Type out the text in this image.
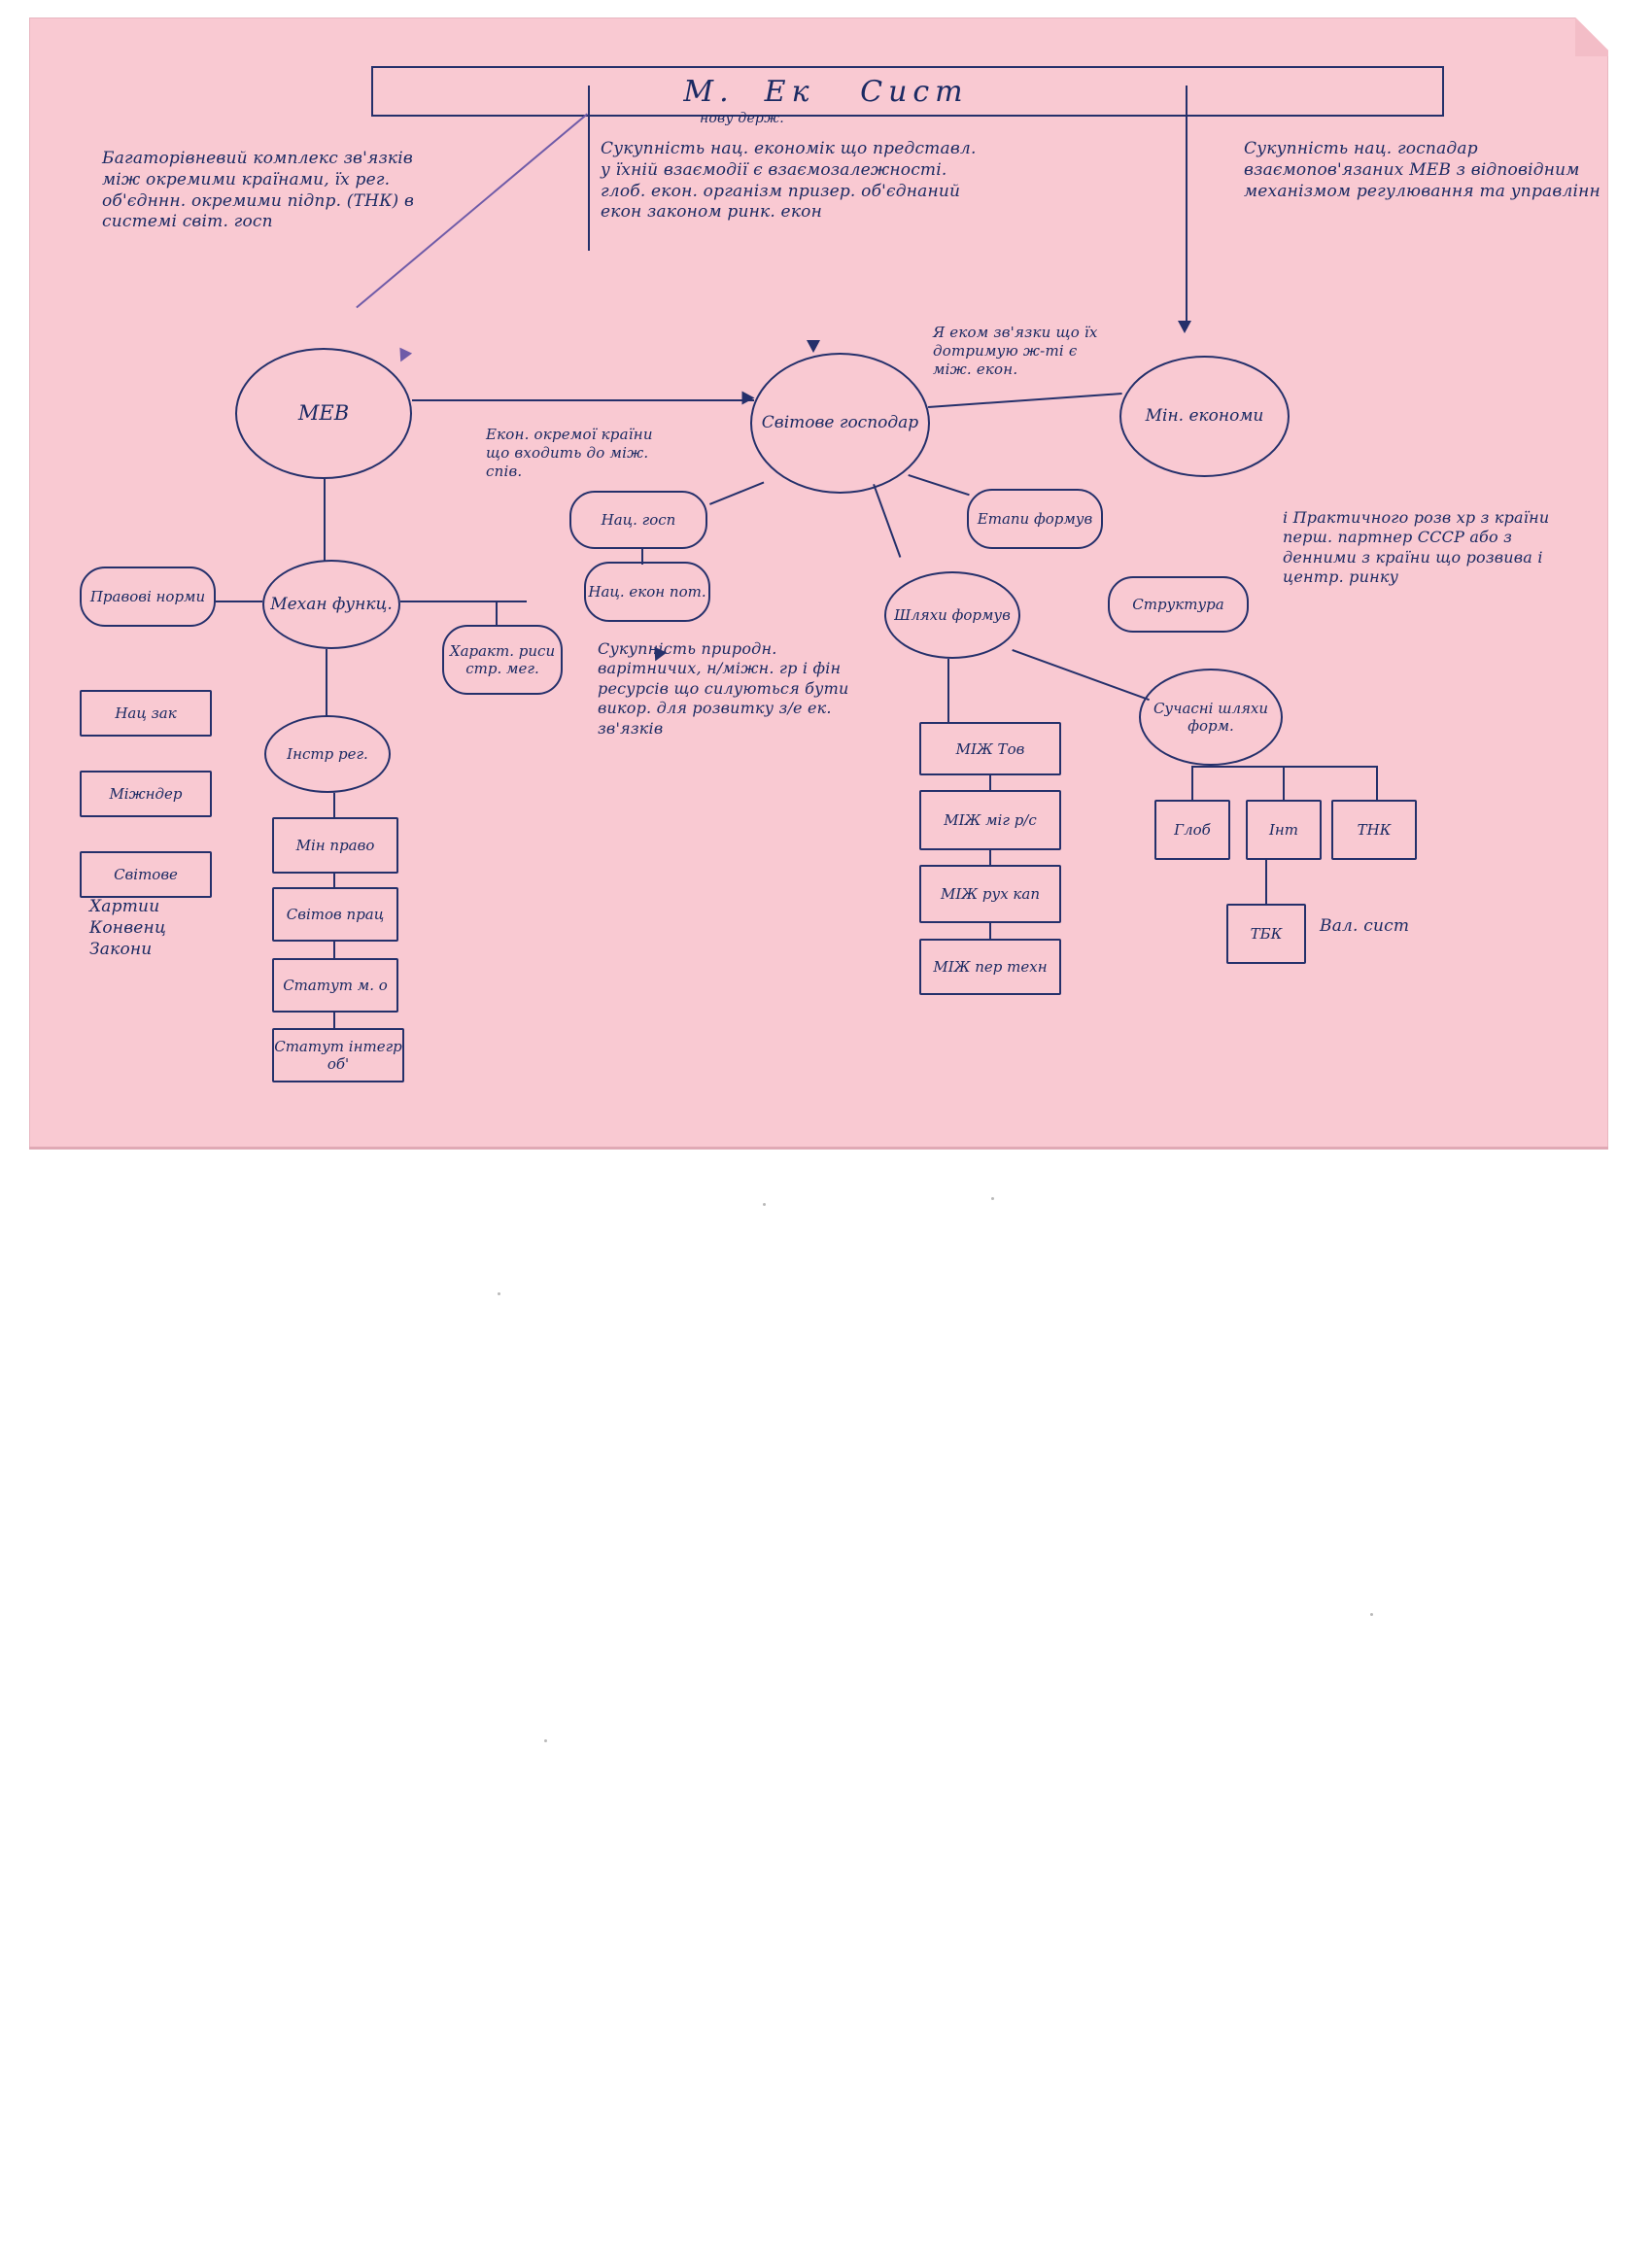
М.  Ек   Сист
нову держ.
Багаторівневий комплекс зв'язків між окремими країнами, їх рег. об'єдннн. окремими підпр. (ТНК) в системі світ. госп
Сукупність нац. економік що представл. у їхній взаємодії є взаємозалежності. глоб. екон. організм призер. об'єднаний екон законом ринк. екон
Сукупність нац. госпадар взаємопов'язаних МЕВ з відповідним механізмом регулювання та управлінн
Екон. окремої країни що входить до між. спів.
Я еком зв'язки що їх дотримую ж-ті є між. екон.
Сукупність природн. варітничих, н/міжн. гр і фін ресурсів що силуються бути викор. для розвитку з/е ек. зв'язків
і Практичного розв хр з країни перш. партнер СССР або з денними з країни що розвива і центр. ринку
Хартии Конвенц Закони
МЕВ	Світове господар	Мін. економи
Нац. госп
Нац. екон пот.
Етапи формув
Шляхи формув
Структура
Сучасні шляхи форм.
Правові норми	Механ функц.
Характ. риси стр. мег.
Інстр рег.
Нац зак
Міжндер
Світове
Мін право
Світов прац
Статут м. о
Статут інтегр об'
МІЖ Тов
МІЖ міг р/с
МІЖ рух кап
МІЖ пер техн
Глоб	Інт	ТНК
ТБК	Вал. сист
